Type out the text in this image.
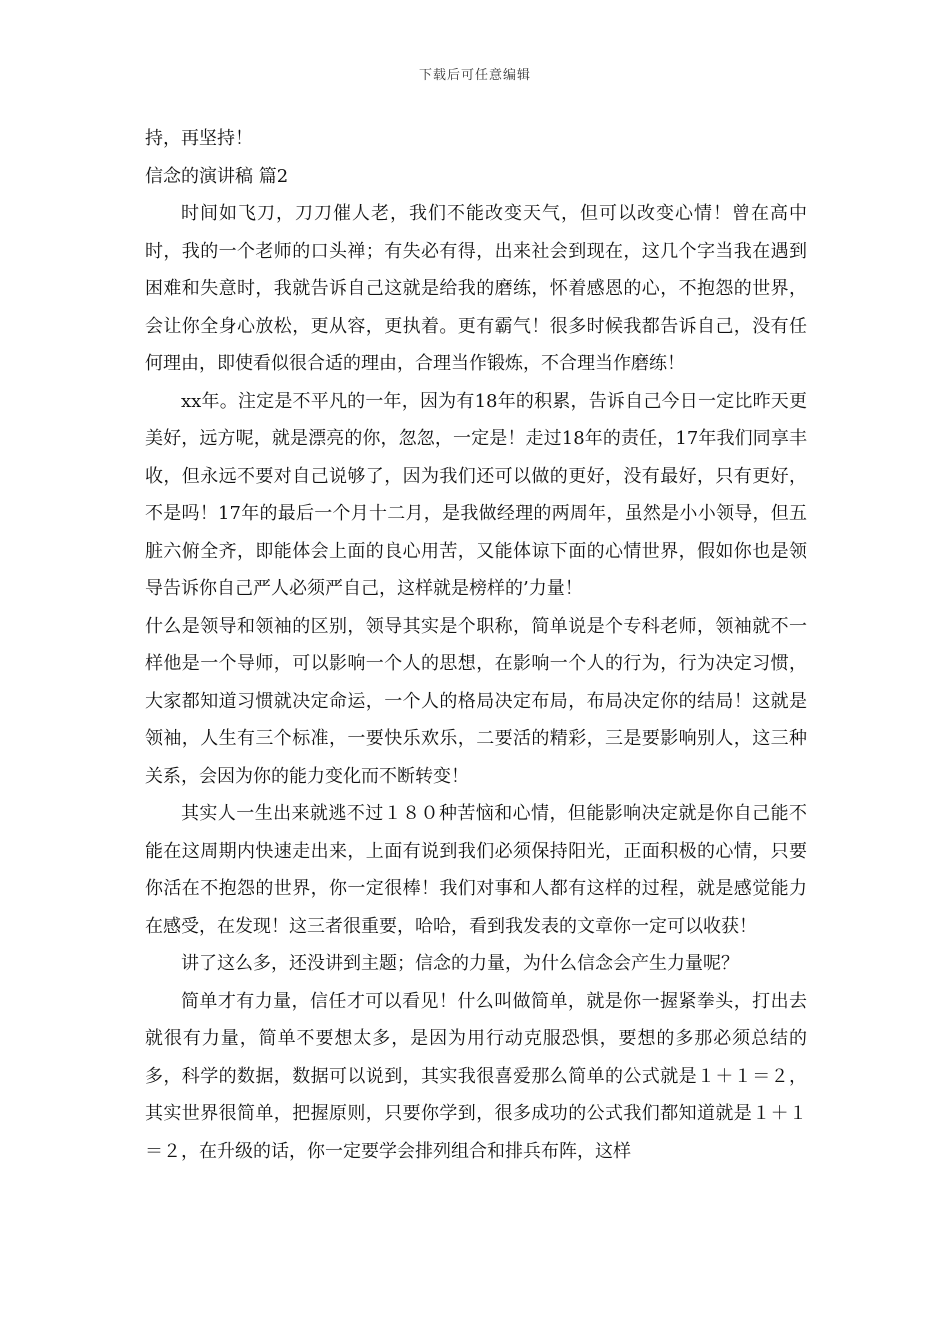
下载后可任意编辑

持，再坚持！

信念的演讲稿 篇2

时间如飞刀，刀刀催人老，我们不能改变天气，但可以改变心情！曾在高中时，我的一个老师的口头禅；有失必有得，出来社会到现在，这几个字当我在遇到困难和失意时，我就告诉自己这就是给我的磨练，怀着感恩的心，不抱怨的世界，会让你全身心放松，更从容，更执着。更有霸气！很多时候我都告诉自己，没有任何理由，即使看似很合适的理由，合理当作锻炼，不合理当作磨练！

xx年。注定是不平凡的一年，因为有18年的积累，告诉自己今日一定比昨天更美好，远方呢，就是漂亮的你，忽忽，一定是！走过18年的责任，17年我们同享丰收，但永远不要对自己说够了，因为我们还可以做的更好，没有最好，只有更好，不是吗！17年的最后一个月十二月，是我做经理的两周年，虽然是小小领导，但五脏六俯全齐，即能体会上面的良心用苦，又能体谅下面的心情世界，假如你也是领导告诉你自己严人必须严自己，这样就是榜样的’力量！

什么是领导和领袖的区别，领导其实是个职称，简单说是个专科老师，领袖就不一样他是一个导师，可以影响一个人的思想，在影响一个人的行为，行为决定习惯，大家都知道习惯就决定命运，一个人的格局决定布局，布局决定你的结局！这就是领袖，人生有三个标准，一要快乐欢乐，二要活的精彩，三是要影响别人，这三种关系，会因为你的能力变化而不断转变！

其实人一生出来就逃不过１８０种苦恼和心情，但能影响决定就是你自己能不能在这周期内快速走出来，上面有说到我们必须保持阳光，正面积极的心情，只要你活在不抱怨的世界，你一定很棒！我们对事和人都有这样的过程，就是感觉能力在感受，在发现！这三者很重要，哈哈，看到我发表的文章你一定可以收获！

讲了这么多，还没讲到主题；信念的力量，为什么信念会产生力量呢？

简单才有力量，信任才可以看见！什么叫做简单，就是你一握紧拳头，打出去就很有力量，简单不要想太多，是因为用行动克服恐惧，要想的多那必须总结的多，科学的数据，数据可以说到，其实我很喜爱那么简单的公式就是１＋１＝２，其实世界很简单，把握原则，只要你学到，很多成功的公式我们都知道就是１＋１＝２，在升级的话，你一定要学会排列组合和排兵布阵，这样
